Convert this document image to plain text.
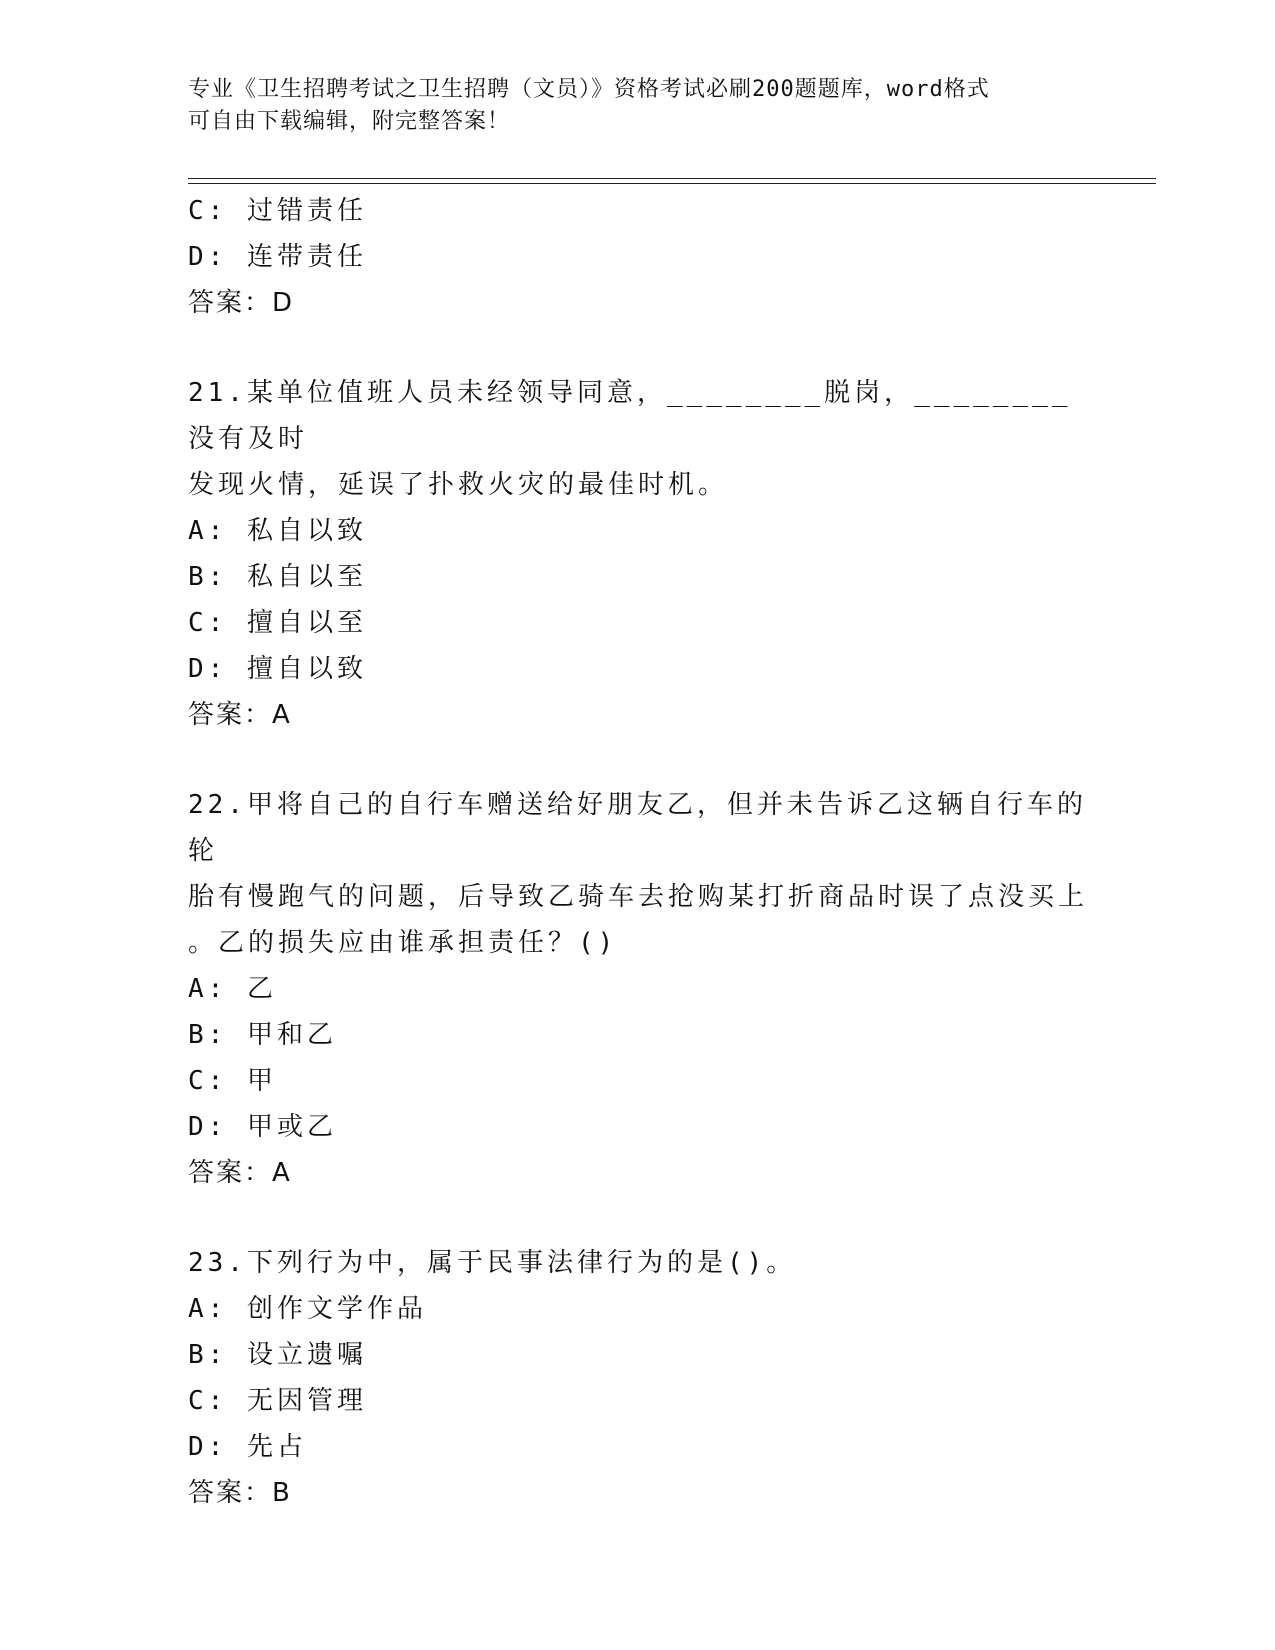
专业《卫生招聘考试之卫生招聘（文员）》资格考试必刷200题题库，word格式
可自由下载编辑，附完整答案！
C: 过错责任
D: 连带责任
答案：D
21.某单位值班人员未经领导同意，________脱岗，________没有及时
发现火情，延误了扑救火灾的最佳时机。
A: 私自以致
B: 私自以至
C: 擅自以至
D: 擅自以致
答案：A
22.甲将自己的自行车赠送给好朋友乙，但并未告诉乙这辆自行车的轮
胎有慢跑气的问题，后导致乙骑车去抢购某打折商品时误了点没买上
。乙的损失应由谁承担责任？()
A: 乙
B: 甲和乙
C: 甲
D: 甲或乙
答案：A
23.下列行为中，属于民事法律行为的是()。
A: 创作文学作品
B: 设立遗嘱
C: 无因管理
D: 先占
答案：B
